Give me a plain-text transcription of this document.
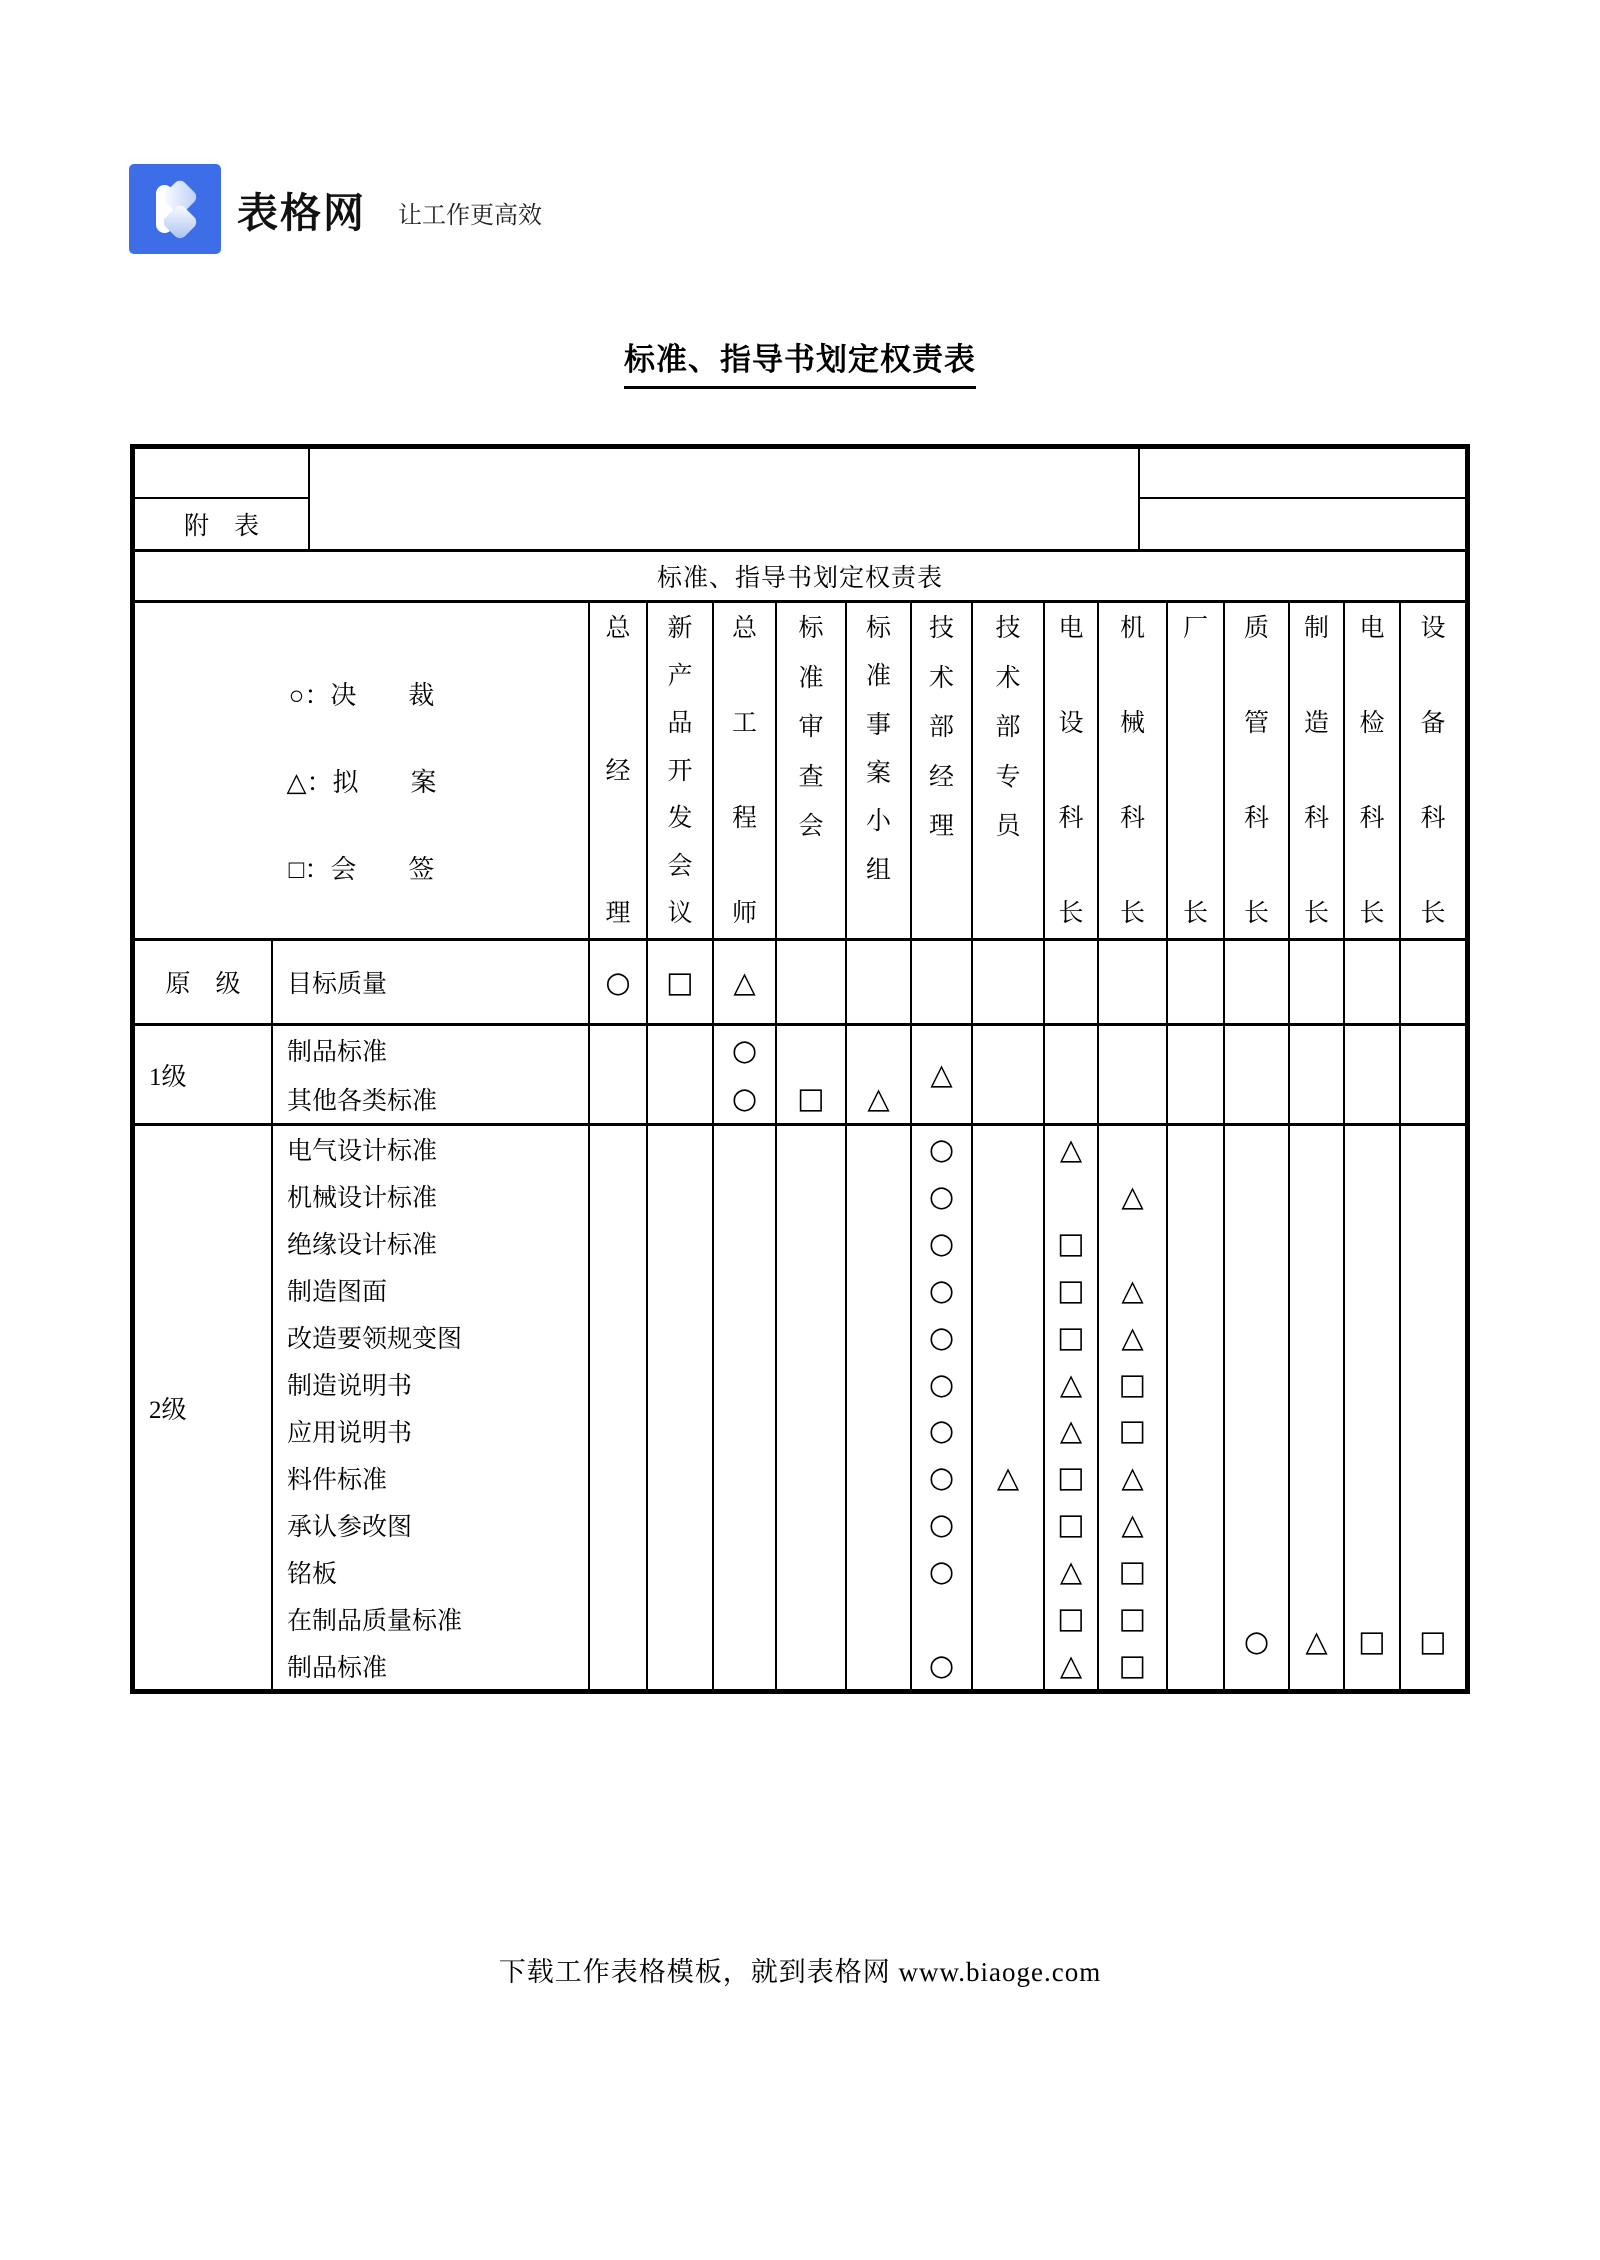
表格网 让工作更高效
标准、指导书划定权责表
附　表
标准、指导书划定权责表
○：决　　裁
△：拟　　案
□：会　　签
总
经
理
新
产
品
开
发
会
议
总
工
程
师
标
准
审
查
会
标
准
事
案
小
组
技
术
部
经
理
技
术
部
专
员
电
设
科
长
机
械
科
长
厂
长
质
管
科
长
制
造
科
长
电
检
科
长
设
备
科
长
原　级	目标质量	○ □ △
1级
制品标准
其他各类标准
○
○ □ △
△
2级
电气设计标准
机械设计标准
绝缘设计标准
制造图面
改造要领规变图
制造说明书
应用说明书
料件标准
承认参改图
铭板
在制品质量标准
制品标准
○
○
○
○
○
○
○
○
○
○
○
△
△
□
□
□
△
△
□
□
△
□
△
△
△
△
□
□
△
△
□
□
□
○ △ □ □
下载工作表格模板，就到表格网 www.biaoge.com
